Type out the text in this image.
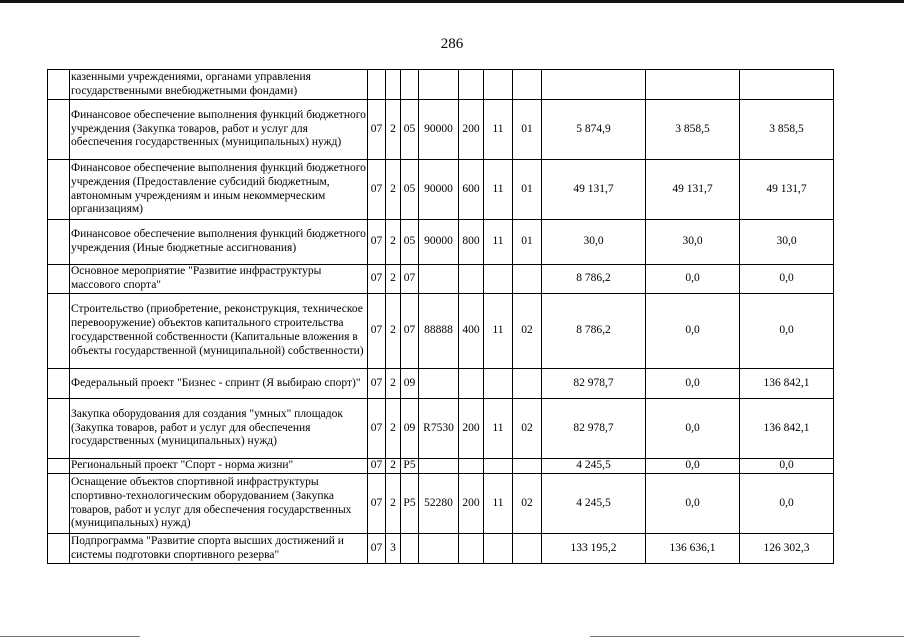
286
	казенными учреждениями, органами управления государственными внебюджетными фондами)										
	Финансовое обеспечение выполнения функций бюджетного учреждения (Закупка товаров, работ и услуг для обеспечения государственных (муниципальных) нужд)	07	2	05	90000	200	11	01	5 874,9	3 858,5	3 858,5
	Финансовое обеспечение выполнения функций бюджетного учреждения (Предоставление субсидий бюджетным, автономным учреждениям и иным некоммерческим организациям)	07	2	05	90000	600	11	01	49 131,7	49 131,7	49 131,7
	Финансовое обеспечение выполнения функций бюджетного учреждения (Иные бюджетные ассигнования)	07	2	05	90000	800	11	01	30,0	30,0	30,0
	Основное мероприятие "Развитие инфраструктуры массового спорта"	07	2	07					8 786,2	0,0	0,0
	Строительство (приобретение, реконструкция, техническое перевооружение) объектов капитального строительства государственной собственности (Капитальные вложения в объекты государственной (муниципальной) собственности)	07	2	07	88888	400	11	02	8 786,2	0,0	0,0
	Федеральный проект "Бизнес - спринт (Я выбираю спорт)"	07	2	09					82 978,7	0,0	136 842,1
	Закупка оборудования для создания "умных" площадок (Закупка товаров, работ и услуг для обеспечения государственных (муниципальных) нужд)	07	2	09	R7530	200	11	02	82 978,7	0,0	136 842,1
	Региональный проект "Спорт - норма жизни"	07	2	P5					4 245,5	0,0	0,0
	Оснащение объектов спортивной инфраструктуры спортивно-технологическим оборудованием (Закупка товаров, работ и услуг для обеспечения государственных (муниципальных) нужд)	07	2	P5	52280	200	11	02	4 245,5	0,0	0,0
	Подпрограмма "Развитие спорта высших достижений и системы подготовки спортивного резерва"	07	3						133 195,2	136 636,1	126 302,3
